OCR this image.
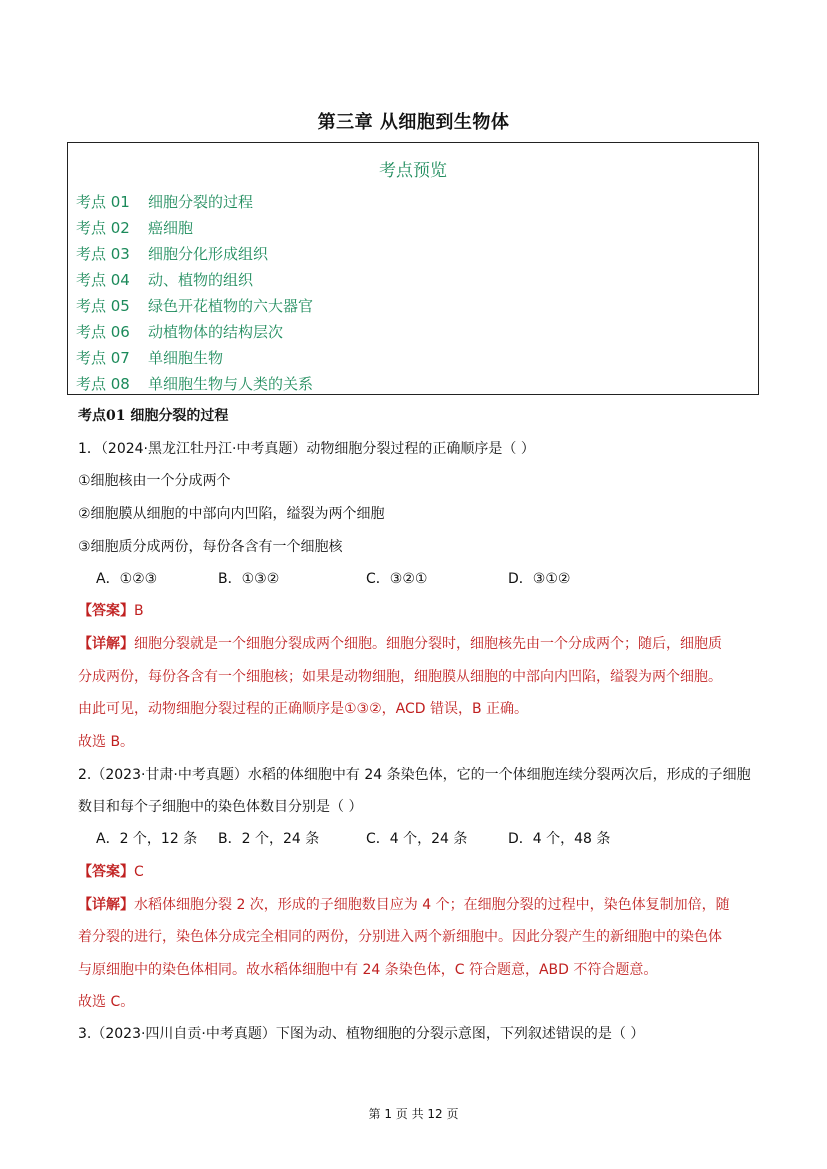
第三章 从细胞到生物体
考点预览
考点 01 细胞分裂的过程
考点 02 癌细胞
考点 03 细胞分化形成组织
考点 04 动、植物的组织
考点 05 绿色开花植物的六大器官
考点 06 动植物体的结构层次
考点 07 单细胞生物
考点 08 单细胞生物与人类的关系
考点01 细胞分裂的过程
1．（2024·黑龙江牡丹江·中考真题）动物细胞分裂过程的正确顺序是（ ）
①细胞核由一个分成两个
②细胞膜从细胞的中部向内凹陷，缢裂为两个细胞
③细胞质分成两份，每份各含有一个细胞核
A．①②③	B．①③②	C．③②①	D．③①②
【答案】B
【详解】细胞分裂就是一个细胞分裂成两个细胞。细胞分裂时，细胞核先由一个分成两个；随后，细胞质
分成两份，每份各含有一个细胞核；如果是动物细胞，细胞膜从细胞的中部向内凹陷，缢裂为两个细胞。
由此可见，动物细胞分裂过程的正确顺序是①③②，ACD 错误，B 正确。
故选 B。
2.（2023·甘肃·中考真题）水稻的体细胞中有 24 条染色体，它的一个体细胞连续分裂两次后，形成的子细胞
数目和每个子细胞中的染色体数目分别是（ ）
A．2 个，12 条 B．2 个，24 条	C．4 个，24 条	D．4 个，48 条
【答案】C
【详解】水稻体细胞分裂 2 次，形成的子细胞数目应为 4 个；在细胞分裂的过程中，染色体复制加倍，随
着分裂的进行，染色体分成完全相同的两份，分别进入两个新细胞中。因此分裂产生的新细胞中的染色体
与原细胞中的染色体相同。故水稻体细胞中有 24 条染色体，C 符合题意，ABD 不符合题意。
故选 C。
3.（2023·四川自贡·中考真题）下图为动、植物细胞的分裂示意图，下列叙述错误的是（ ）
第 1 页 共 12 页
